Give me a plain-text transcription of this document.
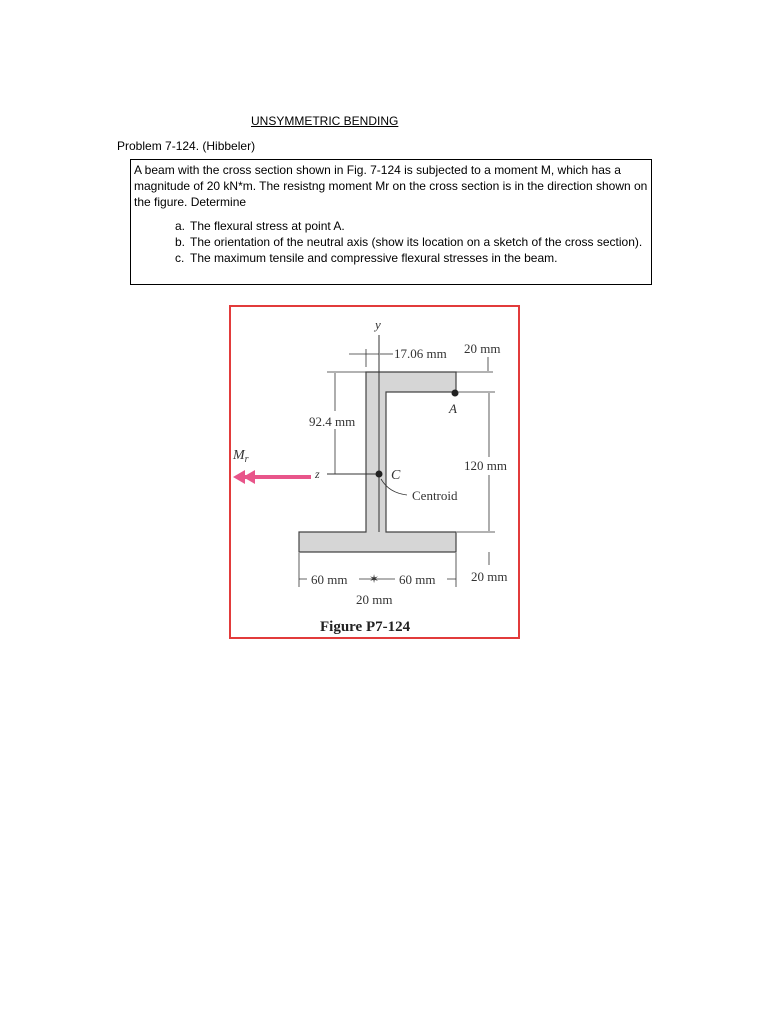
UNSYMMETRIC BENDING
Problem 7-124. (Hibbeler)

A beam with the cross section shown in Fig. 7-124 is subjected to a moment M, which has a magnitude of 20 kN*m. The resistng moment Mr on the cross section is in the direction shown on the figure. Determine

a. The flexural stress at point A.
b. The orientation of the neutral axis (show its location on a sketch of the cross section).
c. The maximum tensile and compressive flexural stresses in the beam.
y
17.06 mm 20 mm
92.4 mm
z
A
C
Centroid
120 mm
20 mm
$M_r$
60 mm ✶ 60 mm
20 mm
Figure P7-124
